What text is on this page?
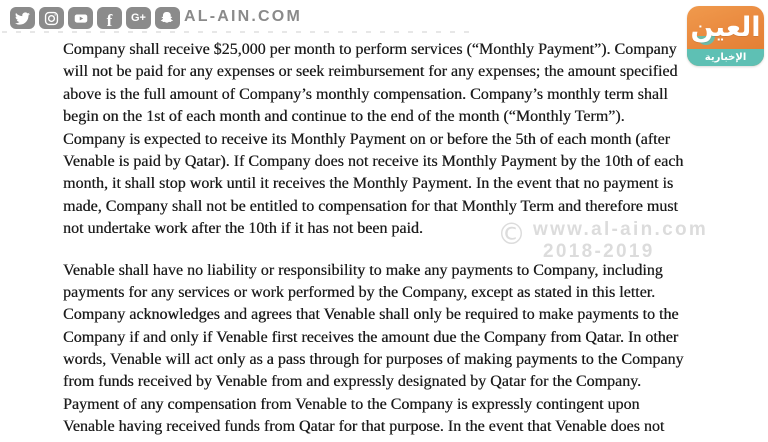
f G+ AL-AIN.COM	العين
الإخبارية
© www.al-ain.com
2018-2019
Company shall receive $25,000 per month to perform services (“Monthly Payment”). Company
will not be paid for any expenses or seek reimbursement for any expenses; the amount specified
above is the full amount of Company’s monthly compensation. Company’s monthly term shall
begin on the 1st of each month and continue to the end of the month (“Monthly Term”).
Company is expected to receive its Monthly Payment on or before the 5th of each month (after
Venable is paid by Qatar). If Company does not receive its Monthly Payment by the 10th of each
month, it shall stop work until it receives the Monthly Payment. In the event that no payment is
made, Company shall not be entitled to compensation for that Monthly Term and therefore must
not undertake work after the 10th if it has not been paid.
Venable shall have no liability or responsibility to make any payments to Company, including
payments for any services or work performed by the Company, except as stated in this letter.
Company acknowledges and agrees that Venable shall only be required to make payments to the
Company if and only if Venable first receives the amount due the Company from Qatar. In other
words, Venable will act only as a pass through for purposes of making payments to the Company
from funds received by Venable from and expressly designated by Qatar for the Company.
Payment of any compensation from Venable to the Company is expressly contingent upon
Venable having received funds from Qatar for that purpose. In the event that Venable does not
